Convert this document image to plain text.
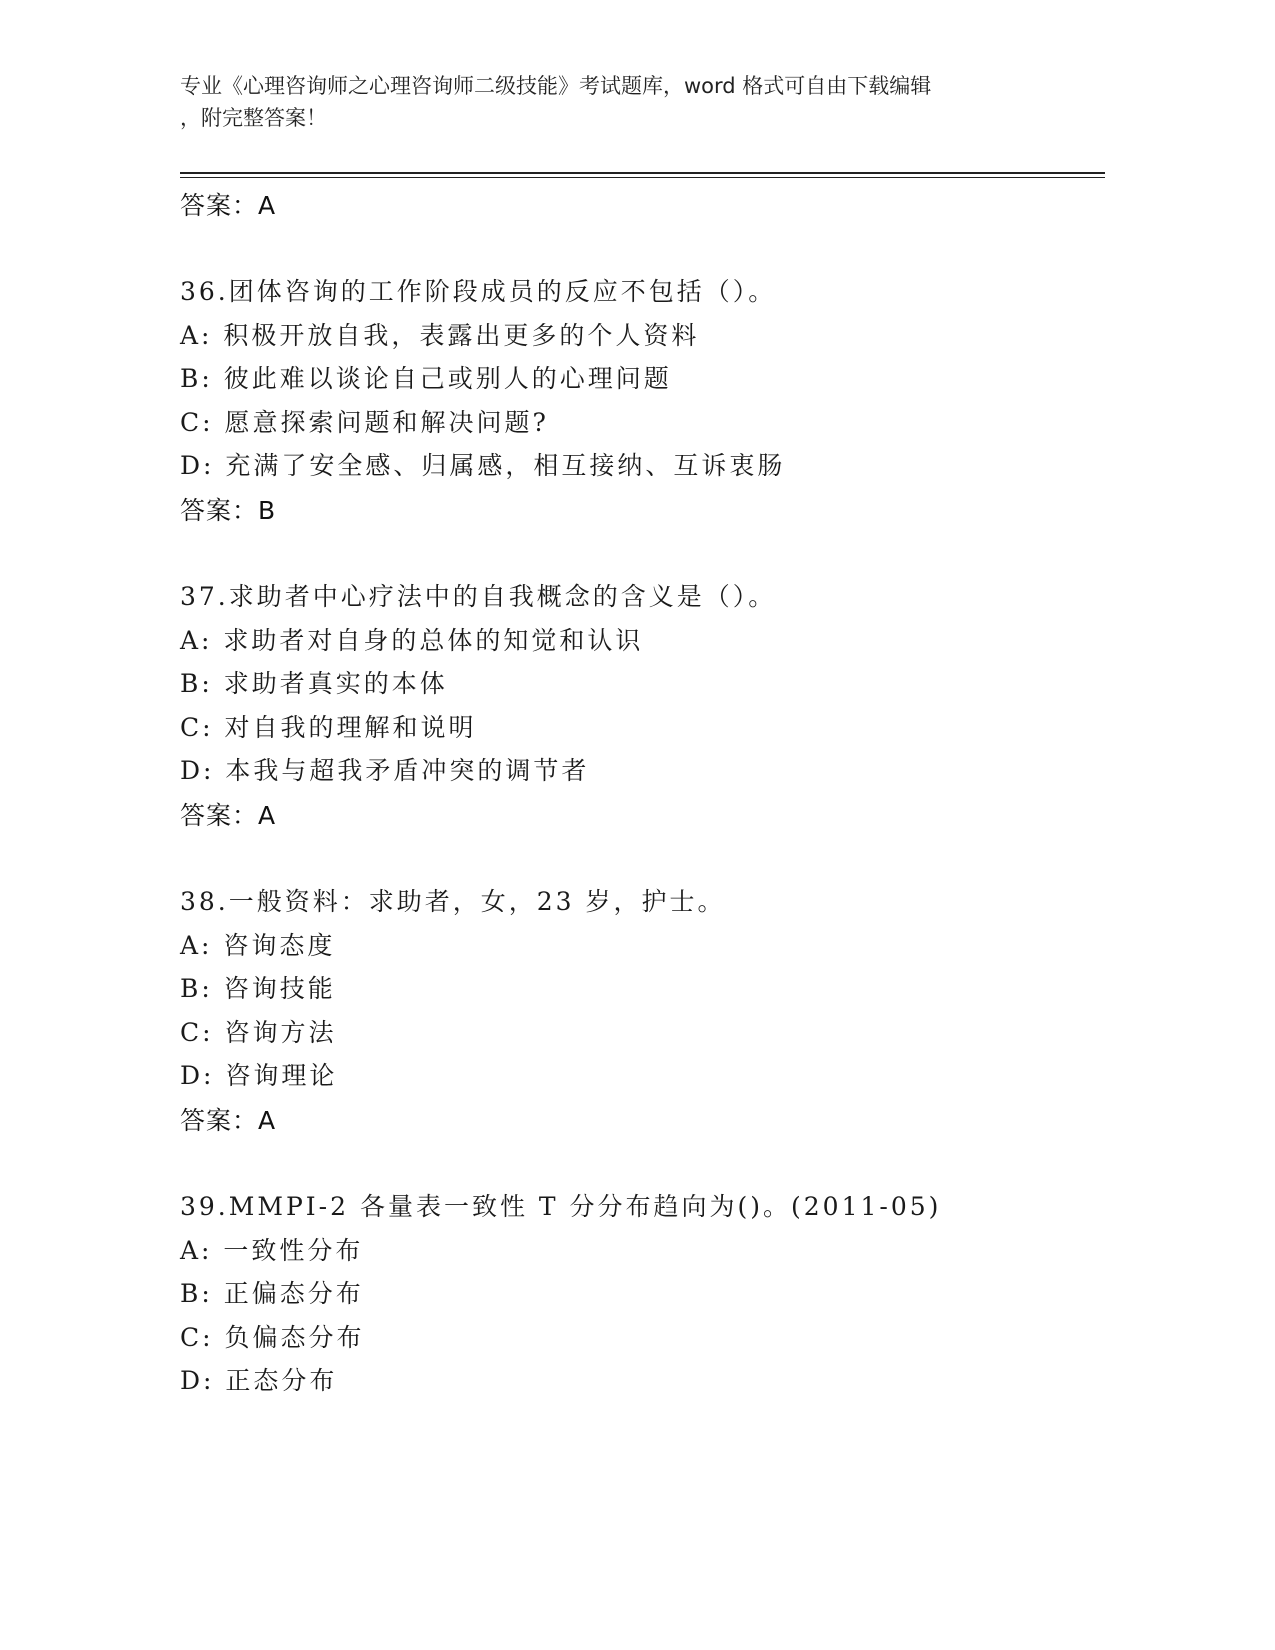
专业《心理咨询师之心理咨询师二级技能》考试题库，word 格式可自由下载编辑
，附完整答案！
答案：A
36.团体咨询的工作阶段成员的反应不包括（）。
A: 积极开放自我，表露出更多的个人资料
B: 彼此难以谈论自己或别人的心理问题
C: 愿意探索问题和解决问题?
D: 充满了安全感、归属感，相互接纳、互诉衷肠
答案：B
37.求助者中心疗法中的自我概念的含义是（）。
A: 求助者对自身的总体的知觉和认识
B: 求助者真实的本体
C: 对自我的理解和说明
D: 本我与超我矛盾冲突的调节者
答案：A
38.一般资料：求助者，女，23 岁，护士。
A: 咨询态度
B: 咨询技能
C: 咨询方法
D: 咨询理论
答案：A
39.MMPI-2 各量表一致性 T 分分布趋向为()。(2011-05)
A: 一致性分布
B: 正偏态分布
C: 负偏态分布
D: 正态分布
